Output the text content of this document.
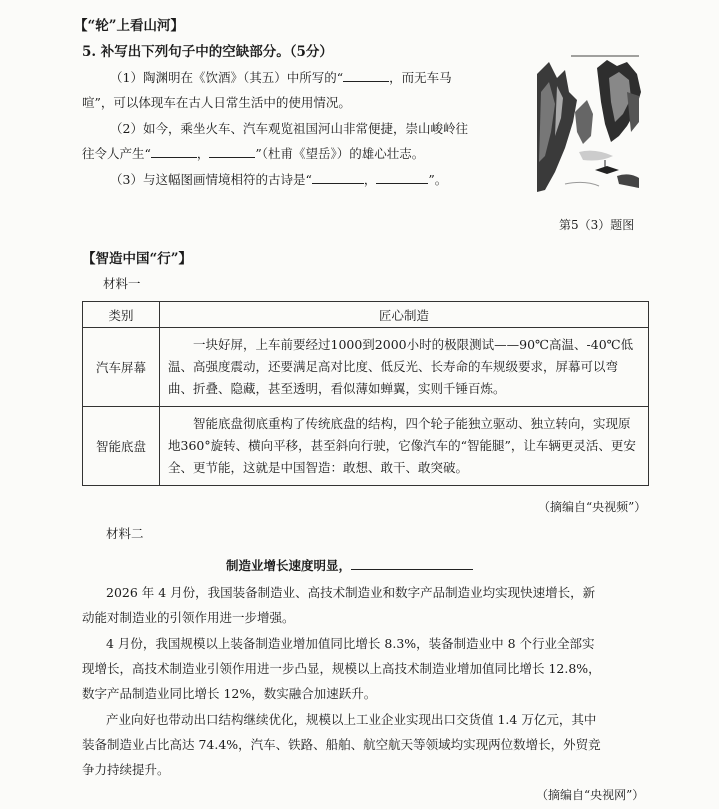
【“轮”上看山河】
5. 补写出下列句子中的空缺部分。（5分）
（1）陶渊明在《饮酒》（其五）中所写的“	，而无车马
喧”，可以体现车在古人日常生活中的使用情况。
（2）如今，乘坐火车、汽车观览祖国河山非常便捷，崇山峻岭往
往令人产生“	，	”（杜甫《望岳》）的雄心壮志。
（3）与这幅图画情境相符的古诗是“	，	”。
第5（3）题图
【智造中国“行”】
材料一
类别	匠心制造
汽车屏幕	一块好屏，上车前要经过1000到2000小时的极限测试——90℃高温、-40℃低温、高强度震动，还要满足高对比度、低反光、长寿命的车规级要求，屏幕可以弯曲、折叠、隐藏，甚至透明，看似薄如蝉翼，实则千锤百炼。
智能底盘	智能底盘彻底重构了传统底盘的结构，四个轮子能独立驱动、独立转向，实现原地360°旋转、横向平移，甚至斜向行驶，它像汽车的“智能腿”，让车辆更灵活、更安全、更节能，这就是中国智造：敢想、敢干、敢突破。
（摘编自“央视频”）
材料二
制造业增长速度明显，
2026 年 4 月份，我国装备制造业、高技术制造业和数字产品制造业均实现快速增长，新
动能对制造业的引领作用进一步增强。
4 月份，我国规模以上装备制造业增加值同比增长 8.3%，装备制造业中 8 个行业全部实
现增长，高技术制造业引领作用进一步凸显，规模以上高技术制造业增加值同比增长 12.8%，
数字产品制造业同比增长 12%，数实融合加速跃升。
产业向好也带动出口结构继续优化，规模以上工业企业实现出口交货值 1.4 万亿元，其中
装备制造业占比高达 74.4%，汽车、铁路、船舶、航空航天等领域均实现两位数增长，外贸竞
争力持续提升。
（摘编自“央视网”）
